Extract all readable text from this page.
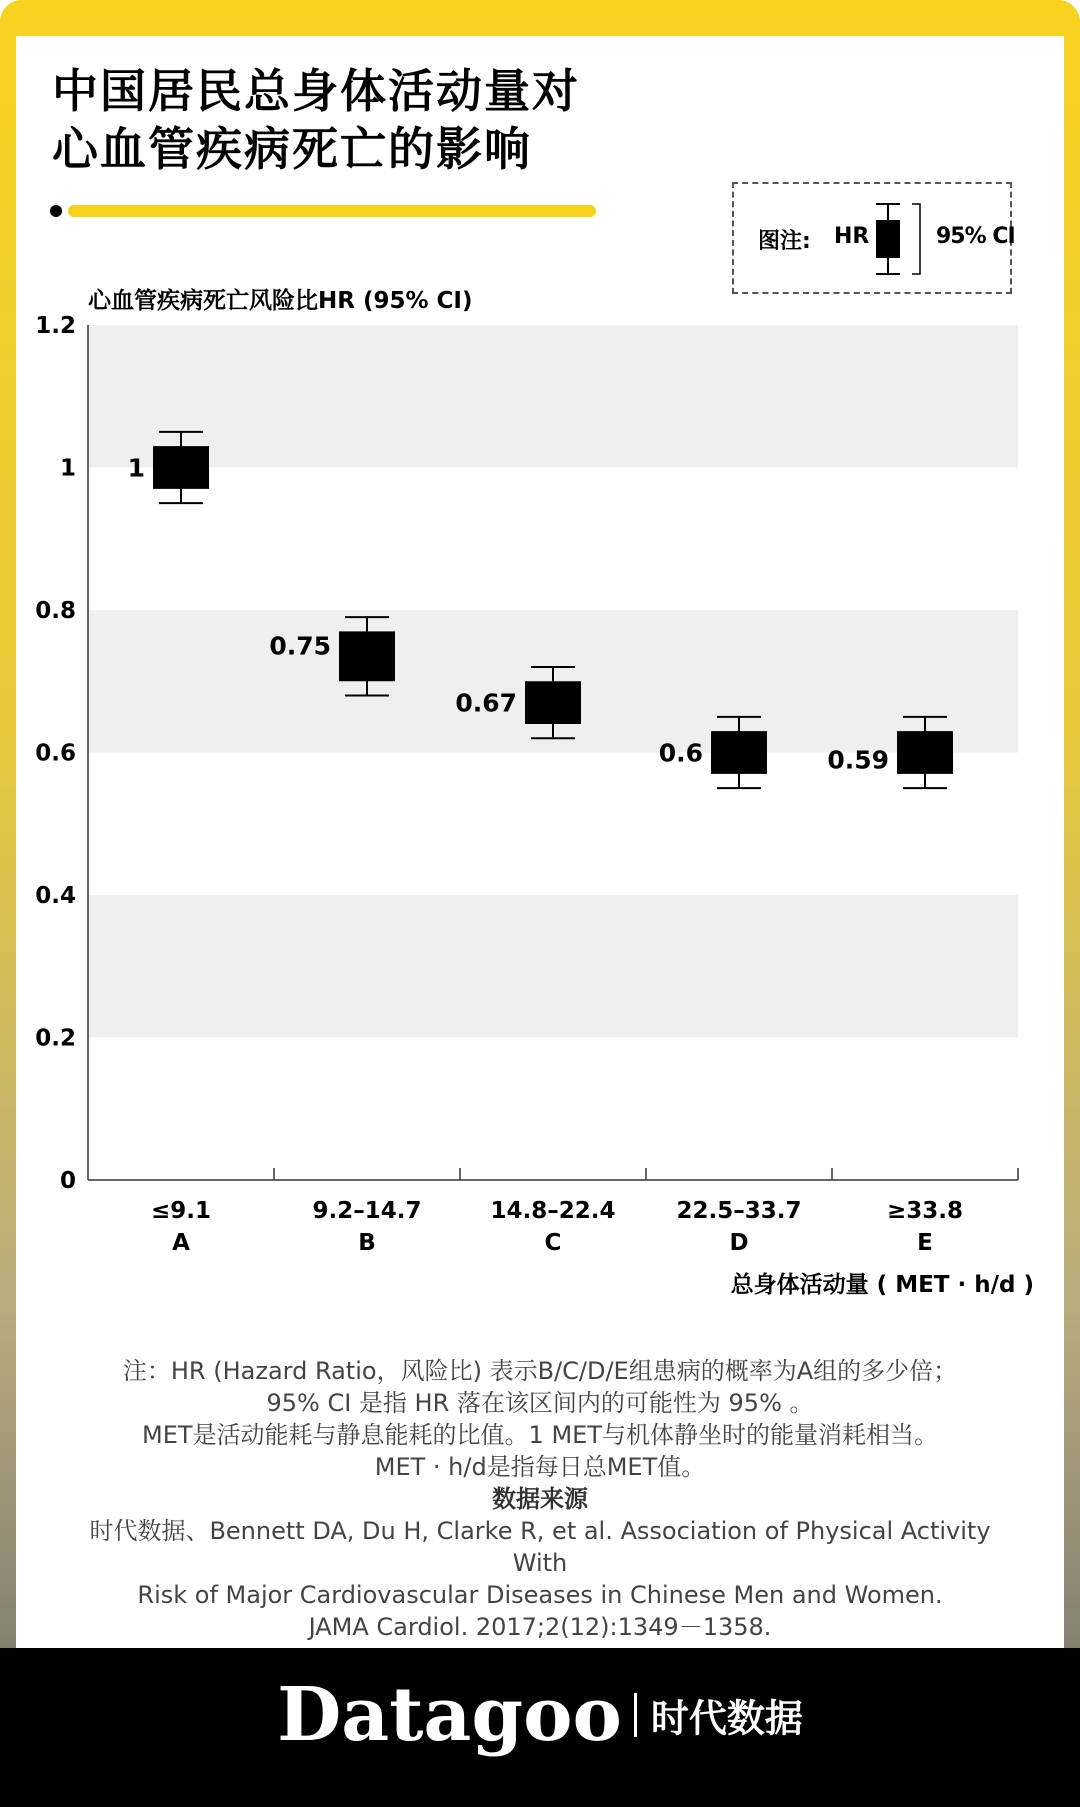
中国居民总身体活动量对
心血管疾病死亡的影响
图注: HR	95% CI
心血管疾病死亡风险比HR (95% CI)
0
0.2
0.4
0.6
0.8
1
1.2
≤9.1
A
9.2–14.7
B
14.8–22.4
C
22.5–33.7
D
≥33.8
E
1
0.75
0.67
0.6	0.59
总身体活动量 ( MET · h/d )
注：HR (Hazard Ratio，风险比) 表示B/C/D/E组患病的概率为A组的多少倍；
95% CI 是指 HR 落在该区间内的可能性为 95% 。
MET是活动能耗与静息能耗的比值。1 MET与机体静坐时的能量消耗相当。
MET · h/d是指每日总MET值。
数据来源
时代数据、Bennett DA, Du H, Clarke R, et al. Association of Physical Activity With
Risk of Major Cardiovascular Diseases in Chinese Men and Women.
JAMA Cardiol. 2017;2(12):1349－1358.
Datagoo 时代数据
